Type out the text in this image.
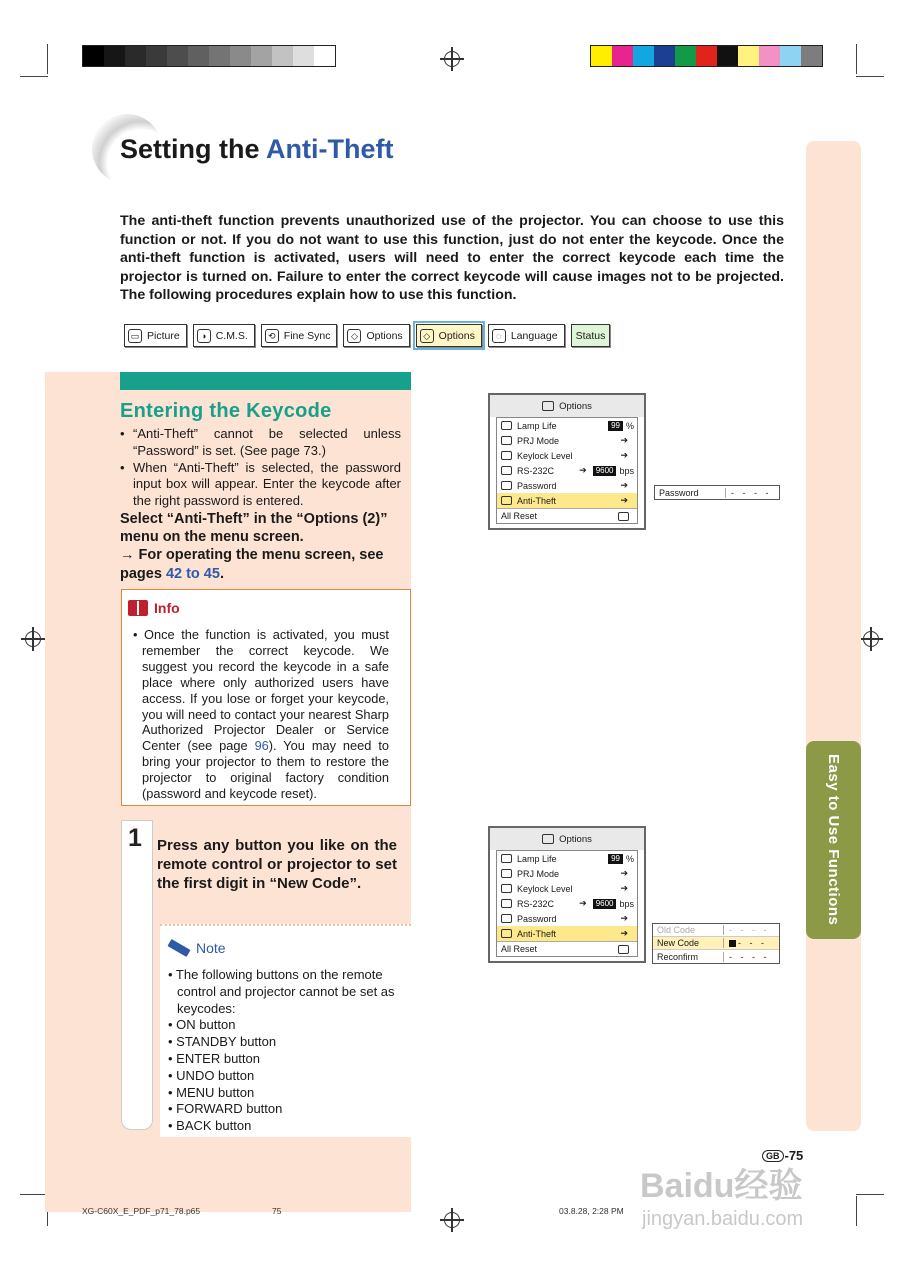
Easy to Use Functions
Setting the Anti-Theft

The anti-theft function prevents unauthorized use of the projector. You can choose to use this function or not. If you do not want to use this function, just do not enter the keycode. Once the anti-theft function is activated, users will need to enter the correct keycode each time the projector is turned on. Failure to enter the correct keycode will cause images not to be projected. The following procedures explain how to use this function.

▭ Picture	◑ C.M.S.	⟲ Fine Sync	◇ Options	◇ Options	◌ Language Status
Entering the Keycode
• “Anti-Theft” cannot be selected unless “Password” is set. (See page 73.)
• When “Anti-Theft” is selected, the password input box will appear. Enter the keycode after the right password is entered.
Select “Anti-Theft” in the “Options (2)” menu on the menu screen.
→ For operating the menu screen, see pages 42 to 45.
Info

• Once the function is activated, you must remember the correct keycode. We suggest you record the keycode in a safe place where only authorized users have access. If you lose or forget your keycode, you will need to contact your nearest Sharp Authorized Projector Dealer or Service Center (see page 96). You may need to bring your projector to them to restore the projector to original factory condition (password and keycode reset).

1 Press any button you like on the remote control or projector to set the first digit in “New Code”.

Note

• The following buttons on the remote control and projector cannot be set as keycodes:

• ON button

• STANDBY button

• ENTER button

• UNDO button

• MENU button

• FORWARD button

• BACK button

Options
Lamp Life	99 %
PRJ Mode	➔
Keylock Level	➔
RS-232C	➔	9600 bps
Password	➔
Anti-Theft	➔
All Reset
Password	- - - -
Options
Lamp Life	99 %
PRJ Mode	➔
Keylock Level	➔
RS-232C	➔	9600 bps
Password	➔
Anti-Theft	➔
All Reset
Old Code	- - - -
New Code	- - -
Reconfirm	- - - -
GB -75
XG-C60X_E_PDF_p71_78.p65	75	03.8.28, 2:28 PM
Baidu经验
jingyan.baidu.com
